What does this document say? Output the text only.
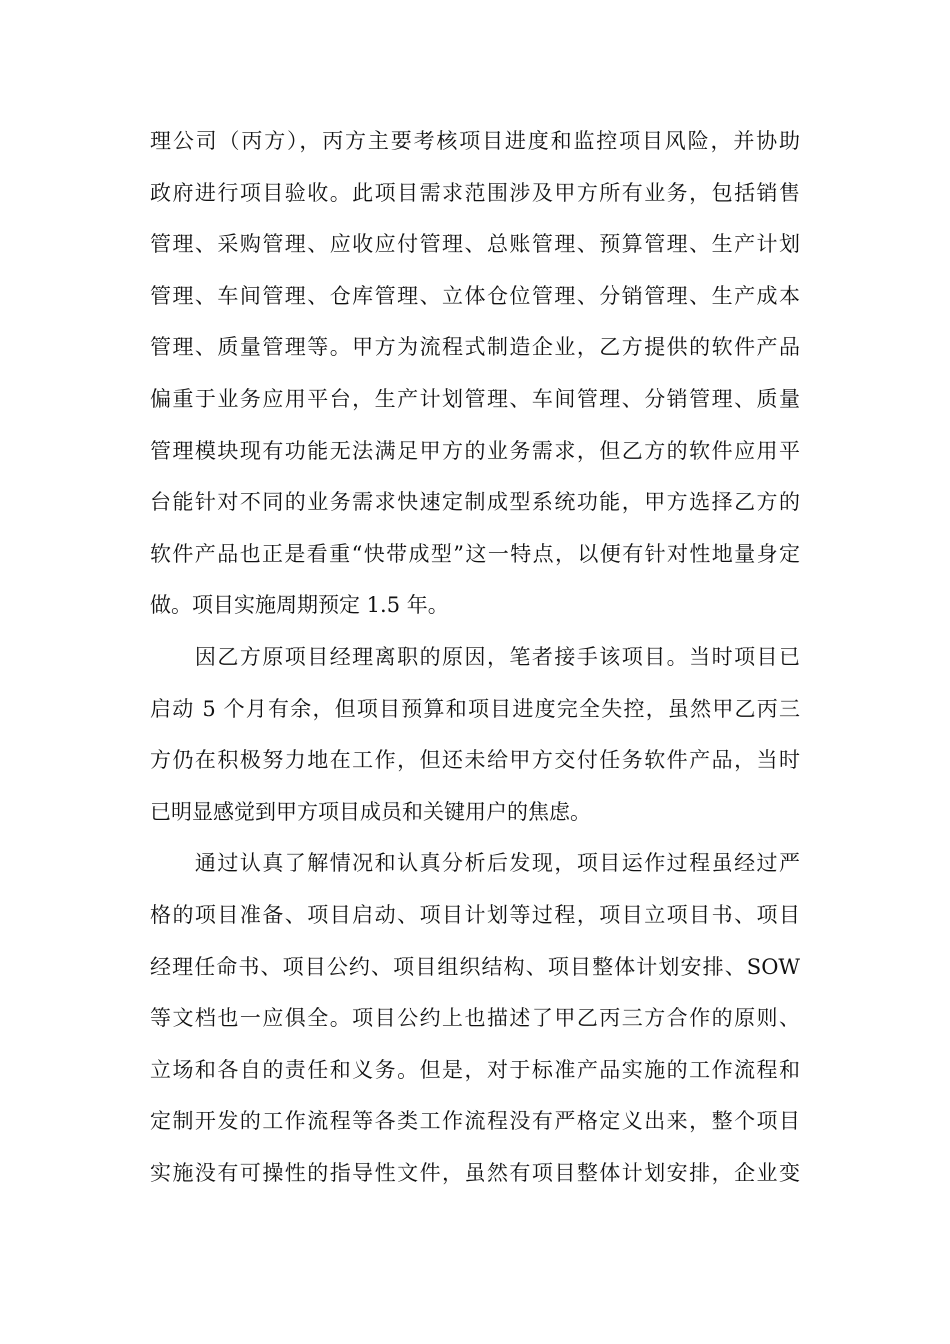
理公司（丙方），丙方主要考核项目进度和监控项目风险，并协助
政府进行项目验收。此项目需求范围涉及甲方所有业务，包括销售
管理、采购管理、应收应付管理、总账管理、预算管理、生产计划
管理、车间管理、仓库管理、立体仓位管理、分销管理、生产成本
管理、质量管理等。甲方为流程式制造企业，乙方提供的软件产品
偏重于业务应用平台，生产计划管理、车间管理、分销管理、质量
管理模块现有功能无法满足甲方的业务需求，但乙方的软件应用平
台能针对不同的业务需求快速定制成型系统功能，甲方选择乙方的
软件产品也正是看重“快带成型”这一特点，以便有针对性地量身定
做。项目实施周期预定 1.5 年。
　　因乙方原项目经理离职的原因，笔者接手该项目。当时项目已
启动 5 个月有余，但项目预算和项目进度完全失控，虽然甲乙丙三
方仍在积极努力地在工作，但还未给甲方交付任务软件产品，当时
已明显感觉到甲方项目成员和关键用户的焦虑。
　　通过认真了解情况和认真分析后发现，项目运作过程虽经过严
格的项目准备、项目启动、项目计划等过程，项目立项目书、项目
经理任命书、项目公约、项目组织结构、项目整体计划安排、SOW
等文档也一应俱全。项目公约上也描述了甲乙丙三方合作的原则、
立场和各自的责任和义务。但是，对于标准产品实施的工作流程和
定制开发的工作流程等各类工作流程没有严格定义出来，整个项目
实施没有可操性的指导性文件，虽然有项目整体计划安排，企业变
